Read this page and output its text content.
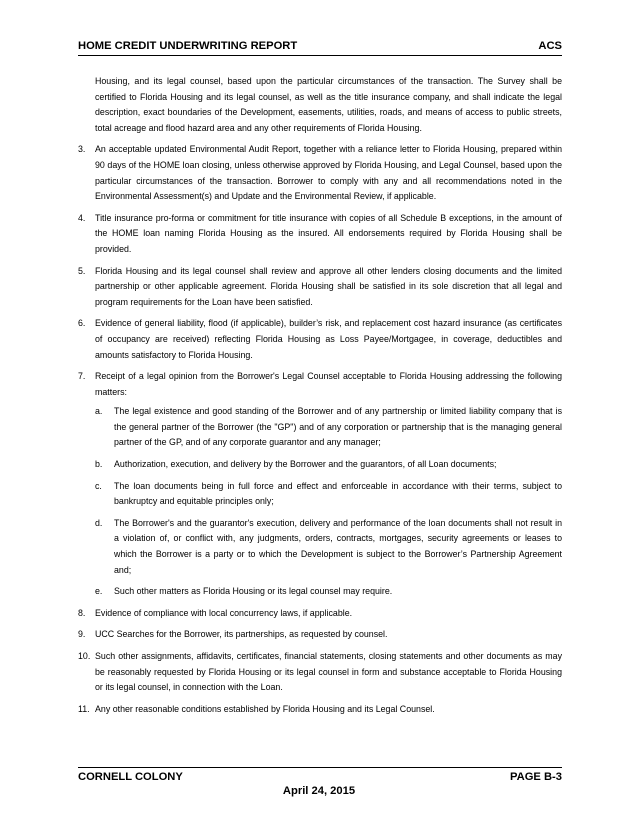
HOME CREDIT UNDERWRITING REPORT	ACS

Housing, and its legal counsel, based upon the particular circumstances of the transaction. The Survey shall be certified to Florida Housing and its legal counsel, as well as the title insurance company, and shall indicate the legal description, exact boundaries of the Development, easements, utilities, roads, and means of access to public streets, total acreage and flood hazard area and any other requirements of Florida Housing.

3.	An acceptable updated Environmental Audit Report, together with a reliance letter to Florida Housing, prepared within 90 days of the HOME loan closing, unless otherwise approved by Florida Housing, and Legal Counsel, based upon the particular circumstances of the transaction. Borrower to comply with any and all recommendations noted in the Environmental Assessment(s) and Update and the Environmental Review, if applicable.
4.	Title insurance pro-forma or commitment for title insurance with copies of all Schedule B exceptions, in the amount of the HOME loan naming Florida Housing as the insured. All endorsements required by Florida Housing shall be provided.
5.	Florida Housing and its legal counsel shall review and approve all other lenders closing documents and the limited partnership or other applicable agreement. Florida Housing shall be satisfied in its sole discretion that all legal and program requirements for the Loan have been satisfied.
6.	Evidence of general liability, flood (if applicable), builder’s risk, and replacement cost hazard insurance (as certificates of occupancy are received) reflecting Florida Housing as Loss Payee/Mortgagee, in coverage, deductibles and amounts satisfactory to Florida Housing.
7.	Receipt of a legal opinion from the Borrower's Legal Counsel acceptable to Florida Housing addressing the following matters:
a.	The legal existence and good standing of the Borrower and of any partnership or limited liability company that is the general partner of the Borrower (the "GP") and of any corporation or partnership that is the managing general partner of the GP, and of any corporate guarantor and any manager;
b.	Authorization, execution, and delivery by the Borrower and the guarantors, of all Loan documents;
c.	The loan documents being in full force and effect and enforceable in accordance with their terms, subject to bankruptcy and equitable principles only;
d.	The Borrower's and the guarantor's execution, delivery and performance of the loan documents shall not result in a violation of, or conflict with, any judgments, orders, contracts, mortgages, security agreements or leases to which the Borrower is a party or to which the Development is subject to the Borrower’s Partnership Agreement and;
e.	Such other matters as Florida Housing or its legal counsel may require.
8.	Evidence of compliance with local concurrency laws, if applicable.
9.	UCC Searches for the Borrower, its partnerships, as requested by counsel.
10. Such other assignments, affidavits, certificates, financial statements, closing statements and other documents as may be reasonably requested by Florida Housing or its legal counsel in form and substance acceptable to Florida Housing or its legal counsel, in connection with the Loan.
11. Any other reasonable conditions established by Florida Housing and its Legal Counsel.
CORNELL COLONY	PAGE B-3
April 24, 2015
